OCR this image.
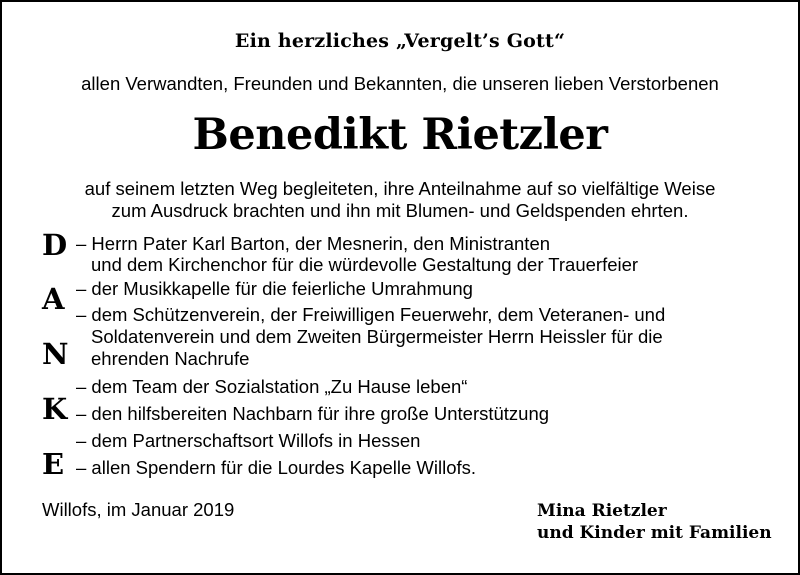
Ein herzliches „Vergelt’s Gott“
allen Verwandten, Freunden und Bekannten, die unseren lieben Verstorbenen
Benedikt Rietzler
auf seinem letzten Weg begleiteten, ihre Anteilnahme auf so vielfältige Weise
zum Ausdruck brachten und ihn mit Blumen- und Geldspenden ehrten.
D
A
N
K
E
– Herrn Pater Karl Barton, der Mesnerin, den Ministranten
und dem Kirchenchor für die würdevolle Gestaltung der Trauerfeier
– der Musikkapelle für die feierliche Umrahmung
– dem Schützenverein, der Freiwilligen Feuerwehr, dem Veteranen- und
Soldatenverein und dem Zweiten Bürgermeister Herrn Heissler für die
ehrenden Nachrufe
– dem Team der Sozialstation „Zu Hause leben“
– den hilfsbereiten Nachbarn für ihre große Unterstützung
– dem Partnerschaftsort Willofs in Hessen
– allen Spendern für die Lourdes Kapelle Willofs.
Willofs, im Januar 2019	Mina Rietzler
und Kinder mit Familien
